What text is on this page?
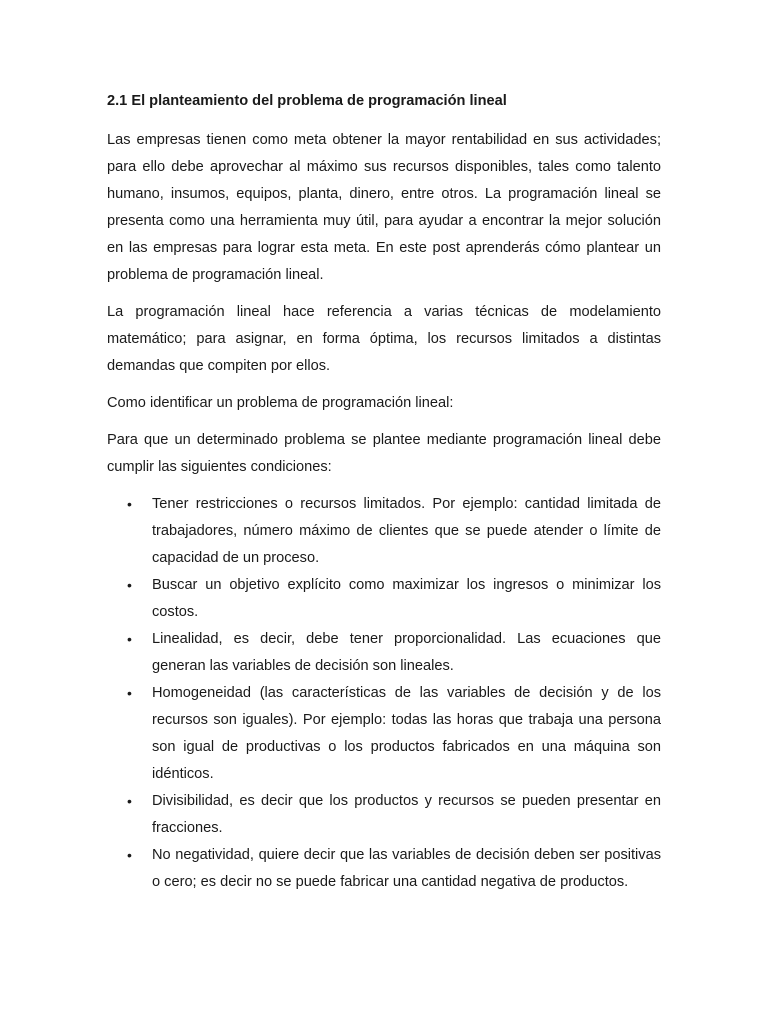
2.1 El planteamiento del problema de programación lineal

Las empresas tienen como meta obtener la mayor rentabilidad en sus actividades; para ello debe aprovechar al máximo sus recursos disponibles, tales como talento humano, insumos, equipos, planta, dinero, entre otros. La programación lineal se presenta como una herramienta muy útil, para ayudar a encontrar la mejor solución en las empresas para lograr esta meta. En este post aprenderás cómo plantear un problema de programación lineal.

La programación lineal hace referencia a varias técnicas de modelamiento matemático; para asignar, en forma óptima, los recursos limitados a distintas demandas que compiten por ellos.

Como identificar un problema de programación lineal:

Para que un determinado problema se plantee mediante programación lineal debe cumplir las siguientes condiciones:

• Tener restricciones o recursos limitados. Por ejemplo: cantidad limitada de trabajadores, número máximo de clientes que se puede atender o límite de capacidad de un proceso.
• Buscar un objetivo explícito como maximizar los ingresos o minimizar los costos.
• Linealidad, es decir, debe tener proporcionalidad. Las ecuaciones que generan las variables de decisión son lineales.
• Homogeneidad (las características de las variables de decisión y de los recursos son iguales). Por ejemplo: todas las horas que trabaja una persona son igual de productivas o los productos fabricados en una máquina son idénticos.
• Divisibilidad, es decir que los productos y recursos se pueden presentar en fracciones.
• No negatividad, quiere decir que las variables de decisión deben ser positivas o cero; es decir no se puede fabricar una cantidad negativa de productos.
